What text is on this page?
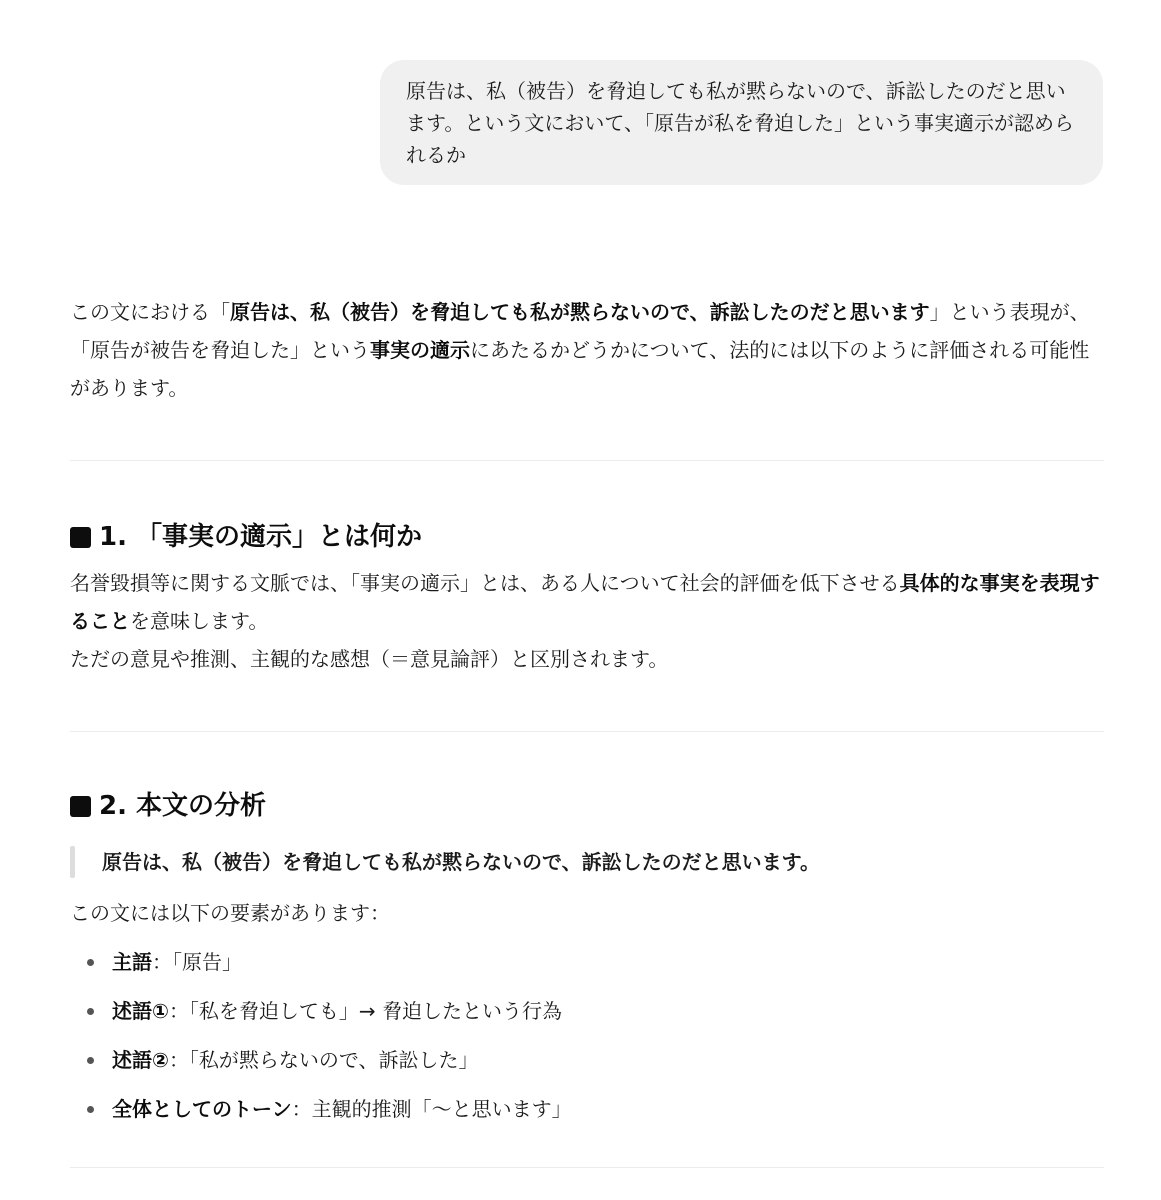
原告は、私（被告）を脅迫しても私が黙らないので、訴訟したのだと思います。という文において、「原告が私を脅迫した」という事実適示が認められるか

この文における「原告は、私（被告）を脅迫しても私が黙らないので、訴訟したのだと思います」という表現が、「原告が被告を脅迫した」という事実の適示にあたるかどうかについて、法的には以下のように評価される可能性があります。

1. 「事実の適示」とは何か

名誉毀損等に関する文脈では、「事実の適示」とは、ある人について社会的評価を低下させる具体的な事実を表現することを意味します。
ただの意見や推測、主観的な感想（＝意見論評）と区別されます。

2. 本文の分析
原告は、私（被告）を脅迫しても私が黙らないので、訴訟したのだと思います。

この文には以下の要素があります：

主語：「原告」
述語①：「私を脅迫しても」→ 脅迫したという行為
述語②：「私が黙らないので、訴訟した」
全体としてのトーン：主観的推測「〜と思います」
